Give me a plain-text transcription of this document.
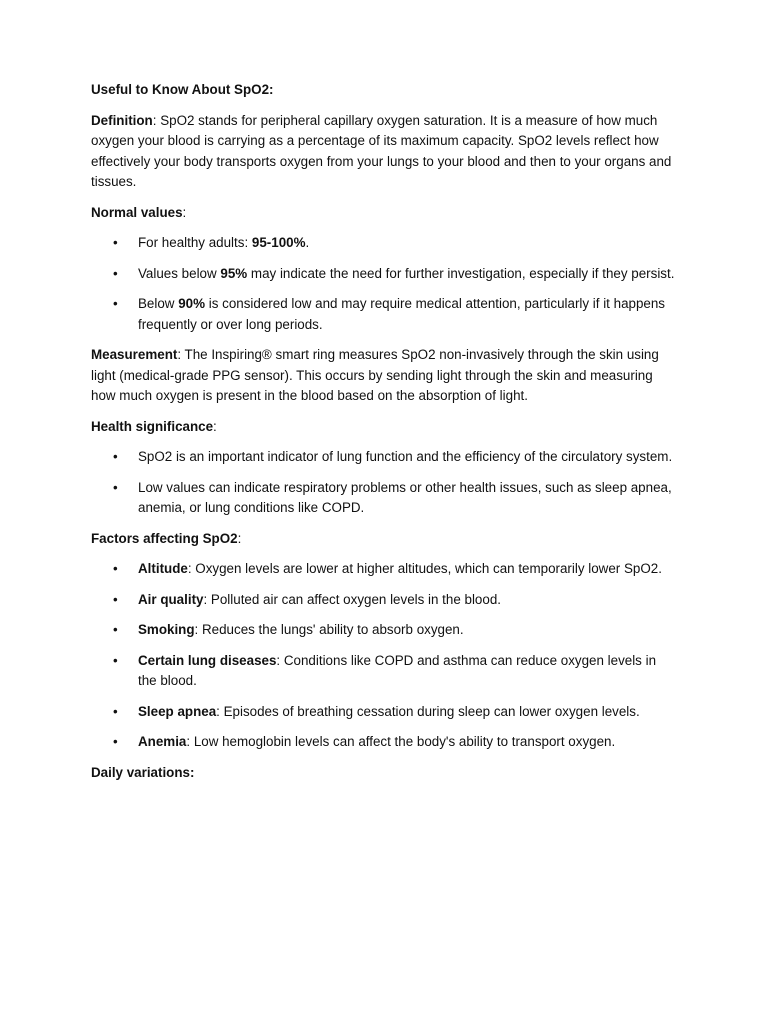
Useful to Know About SpO2:

Definition: SpO2 stands for peripheral capillary oxygen saturation. It is a measure of how much oxygen your blood is carrying as a percentage of its maximum capacity. SpO2 levels reflect how effectively your body transports oxygen from your lungs to your blood and then to your organs and tissues.

Normal values:

• For healthy adults: 95-100%.
• Values below 95% may indicate the need for further investigation, especially if they persist.
• Below 90% is considered low and may require medical attention, particularly if it happens frequently or over long periods.

Measurement: The Inspiring® smart ring measures SpO2 non-invasively through the skin using light (medical-grade PPG sensor). This occurs by sending light through the skin and measuring how much oxygen is present in the blood based on the absorption of light.

Health significance:

• SpO2 is an important indicator of lung function and the efficiency of the circulatory system.
• Low values can indicate respiratory problems or other health issues, such as sleep apnea, anemia, or lung conditions like COPD.

Factors affecting SpO2:

• Altitude: Oxygen levels are lower at higher altitudes, which can temporarily lower SpO2.
• Air quality: Polluted air can affect oxygen levels in the blood.
• Smoking: Reduces the lungs' ability to absorb oxygen.
• Certain lung diseases: Conditions like COPD and asthma can reduce oxygen levels in the blood.
• Sleep apnea: Episodes of breathing cessation during sleep can lower oxygen levels.
• Anemia: Low hemoglobin levels can affect the body's ability to transport oxygen.

Daily variations:
